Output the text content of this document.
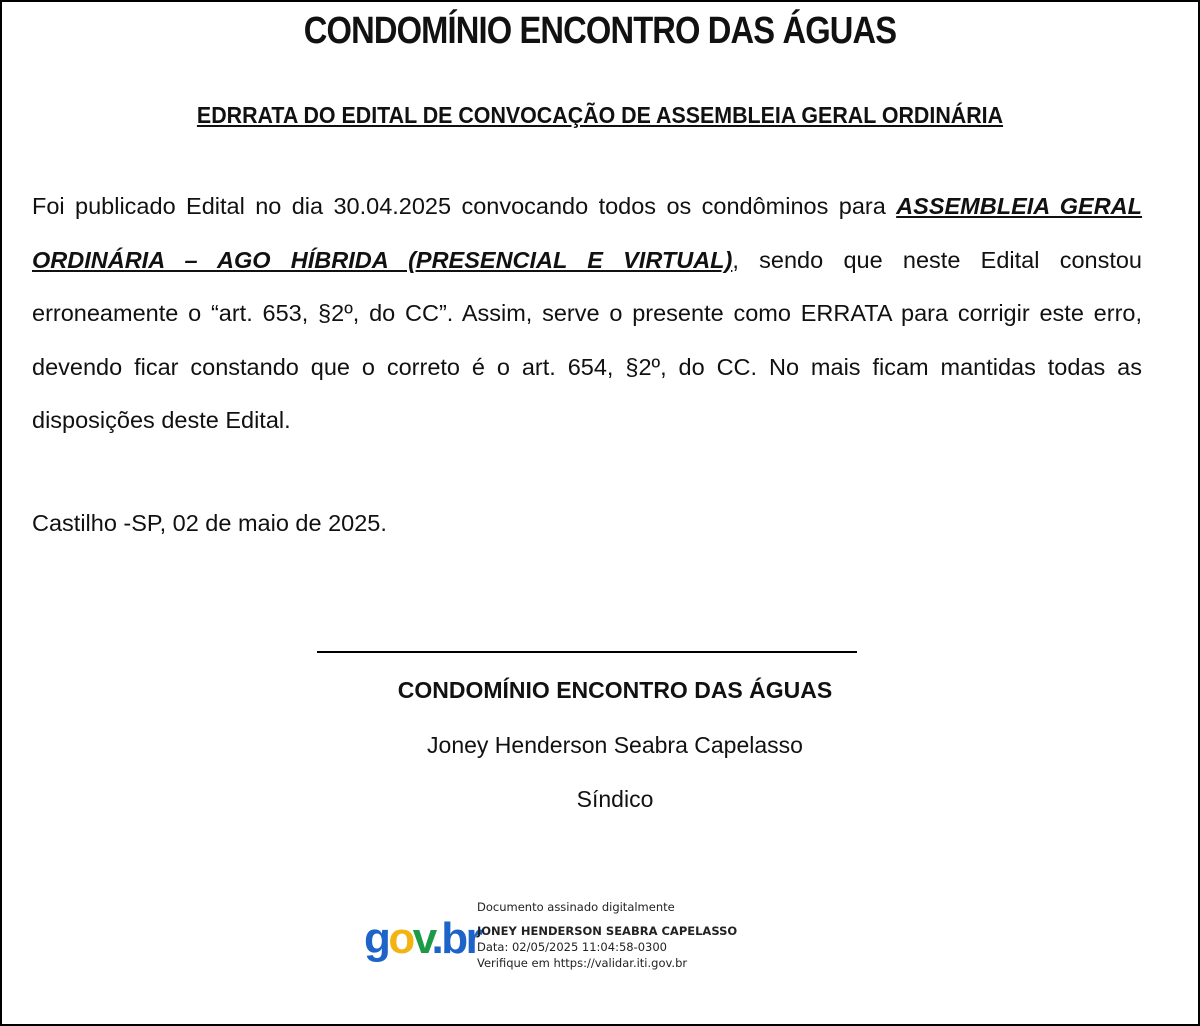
CONDOMÍNIO ENCONTRO DAS ÁGUAS
EDRRATA DO EDITAL DE CONVOCAÇÃO DE ASSEMBLEIA GERAL ORDINÁRIA

Foi publicado Edital no dia 30.04.2025 convocando todos os condôminos para ASSEMBLEIA GERAL ORDINÁRIA – AGO HÍBRIDA (PRESENCIAL E VIRTUAL), sendo que neste Edital constou erroneamente o “art. 653, §2º, do CC”. Assim, serve o presente como ERRATA para corrigir este erro, devendo ficar constando que o correto é o art. 654, §2º, do CC. No mais ficam mantidas todas as disposições deste Edital.

Castilho -SP, 02 de maio de 2025.

CONDOMÍNIO ENCONTRO DAS ÁGUAS

Joney Henderson Seabra Capelasso

Síndico

gov.br
Documento assinado digitalmente
JONEY HENDERSON SEABRA CAPELASSO
Data: 02/05/2025 11:04:58-0300
Verifique em https://validar.iti.gov.br
